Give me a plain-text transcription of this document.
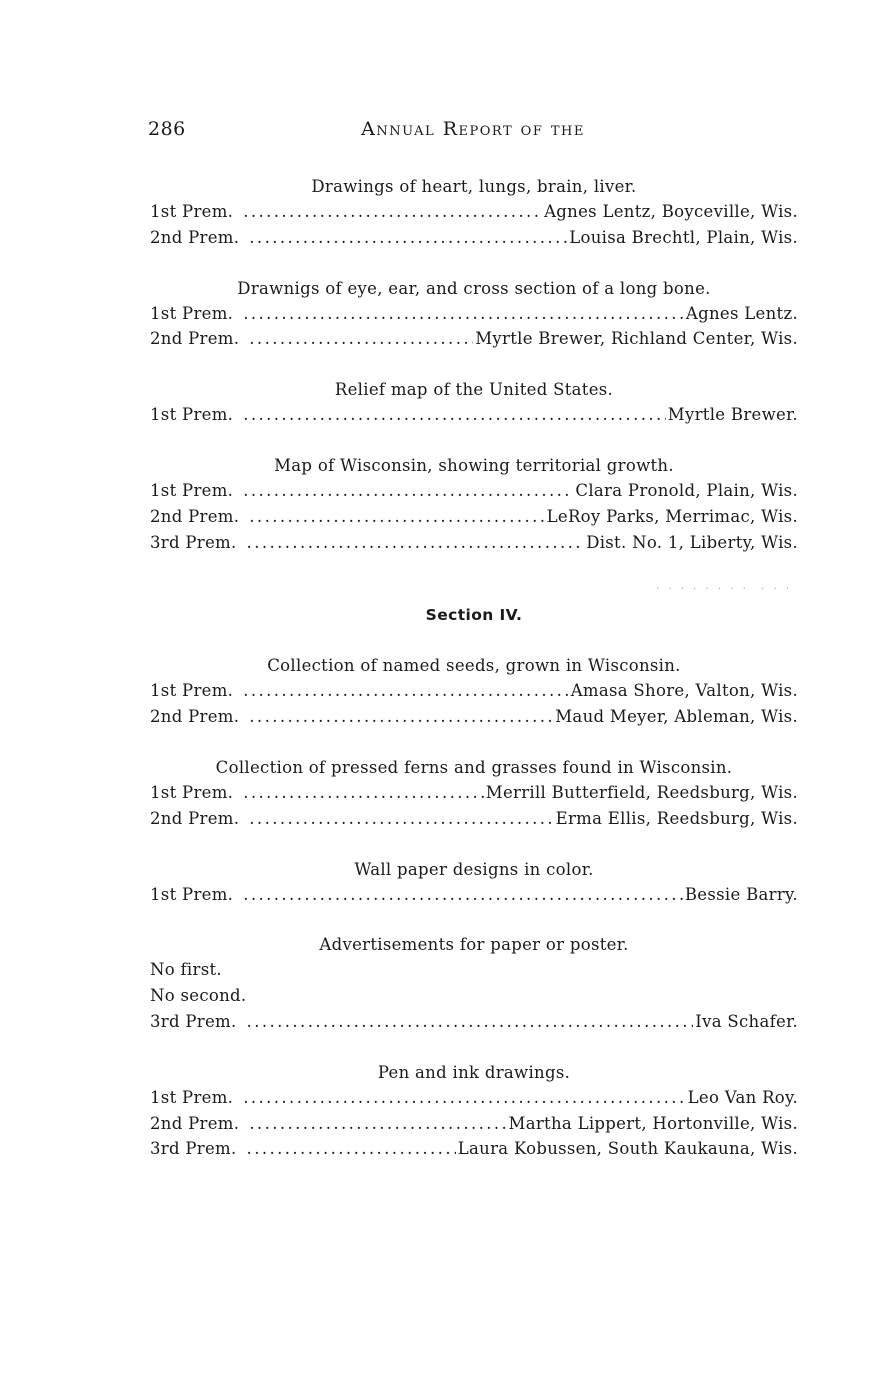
286	Annual Report of the
Drawings of heart, lungs, brain, liver.
1st Prem. .....	Agnes Lentz, Boyceville, Wis.
2nd Prem. .....	Louisa Brechtl, Plain, Wis.
Drawnigs of eye, ear, and cross section of a long bone.
1st Prem. .....	Agnes Lentz.
2nd Prem. .....	Myrtle Brewer, Richland Center, Wis.
Relief map of the United States.
1st Prem. .....	Myrtle Brewer.
Map of Wisconsin, showing territorial growth.
1st Prem. .....	Clara Pronold, Plain, Wis.
2nd Prem. .....	LeRoy Parks, Merrimac, Wis.
3rd Prem. .....	Dist. No. 1, Liberty, Wis.
. . . . . . . .  . . .
Section IV.
Collection of named seeds, grown in Wisconsin.
1st Prem. .....	Amasa Shore, Valton, Wis.
2nd Prem. .....	Maud Meyer, Ableman, Wis.
Collection of pressed ferns and grasses found in Wisconsin.
1st Prem. .....	Merrill Butterfield, Reedsburg, Wis.
2nd Prem. .....	Erma Ellis, Reedsburg, Wis.
Wall paper designs in color.
1st Prem. .....	Bessie Barry.
Advertisements for paper or poster.
No first.
No second.
3rd Prem. .....	Iva Schafer.
Pen and ink drawings.
1st Prem. .....	Leo Van Roy.
2nd Prem. .....	Martha Lippert, Hortonville, Wis.
3rd Prem. .....	Laura Kobussen, South Kaukauna, Wis.
